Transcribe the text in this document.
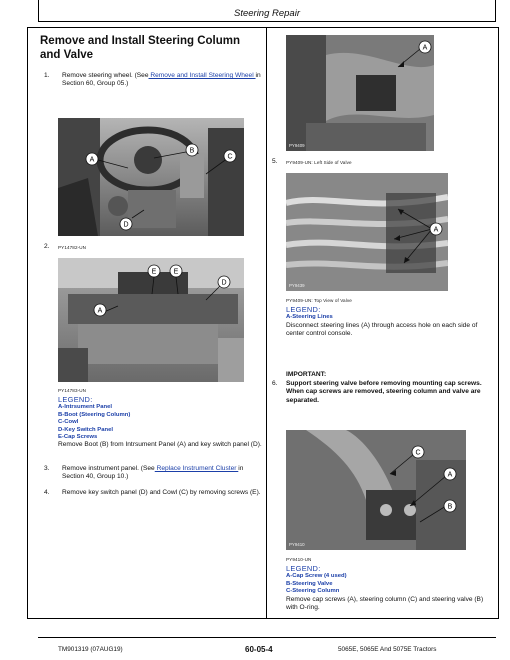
Steering Repair
Remove and Install Steering Column and Valve
1. Remove steering wheel. (See Remove and Install Steering Wheel in Section 60, Group 05.)
A
B
C
D
2. PY14782-UN
E E
D
A
PY14783-UN
LEGEND:
A-Intrsument Panel
B-Boot (Steering Column)
C-Cowl
D-Key Switch Panel
E-Cap Screws
Remove Boot (B) from Intrsument Panel (A) and key switch panel (D).
3. Remove instrument panel. (See Replace Instrument Cluster in Section 40, Group 10.)
4. Remove key switch panel (D) and Cowl (C) by removing screws (E).
PY9409
A
5. PY9409-UN: Left Side of Valve
PY9439
A
PY9409-UN: Top View of Valve
LEGEND:
A-Steering Lines
Disconnect steering lines (A) through access hole on each side of center control console.
IMPORTANT:
6. Support steering valve before removing mounting cap screws. When cap screws are removed, steering column and valve are separated.
PY9410
C
A
B
PY9410-UN
LEGEND:
A-Cap Screw (4 used)
B-Steering Valve
C-Steering Column
Remove cap screws (A), steering column (C) and steering valve (B) with O-ring.
TM901319 (07AUG19)	60-05-4	5065E, 5065E And 5075E Tractors
